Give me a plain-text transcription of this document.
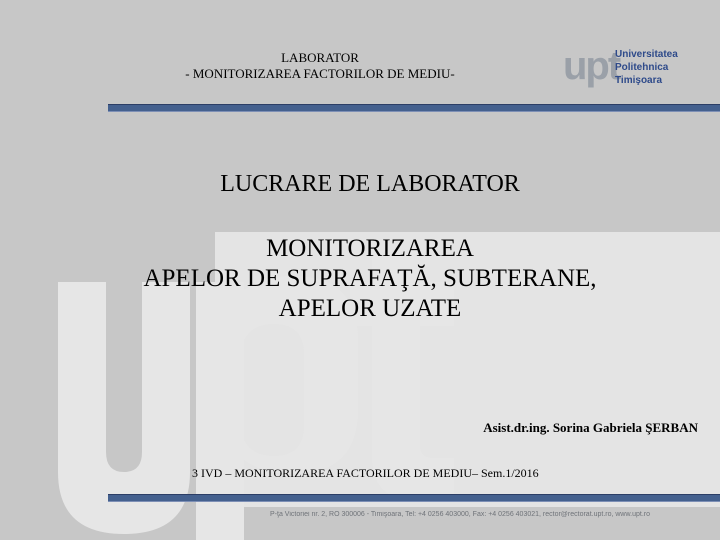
LABORATOR
- MONITORIZAREA FACTORILOR DE MEDIU-	upt
Universitatea
Politehnica
Timişoara
LUCRARE DE LABORATOR
MONITORIZAREA
APELOR DE SUPRAFAŢĂ, SUBTERANE,
APELOR UZATE
Asist.dr.ing. Sorina Gabriela ŞERBAN
3 IVD – MONITORIZAREA FACTORILOR DE MEDIU– Sem.1/2016
P-ţa Victoriei nr. 2, RO 300006 - Timişoara, Tel: +4 0256 403000, Fax: +4 0256 403021, rector@rectorat.upt.ro, www.upt.ro
